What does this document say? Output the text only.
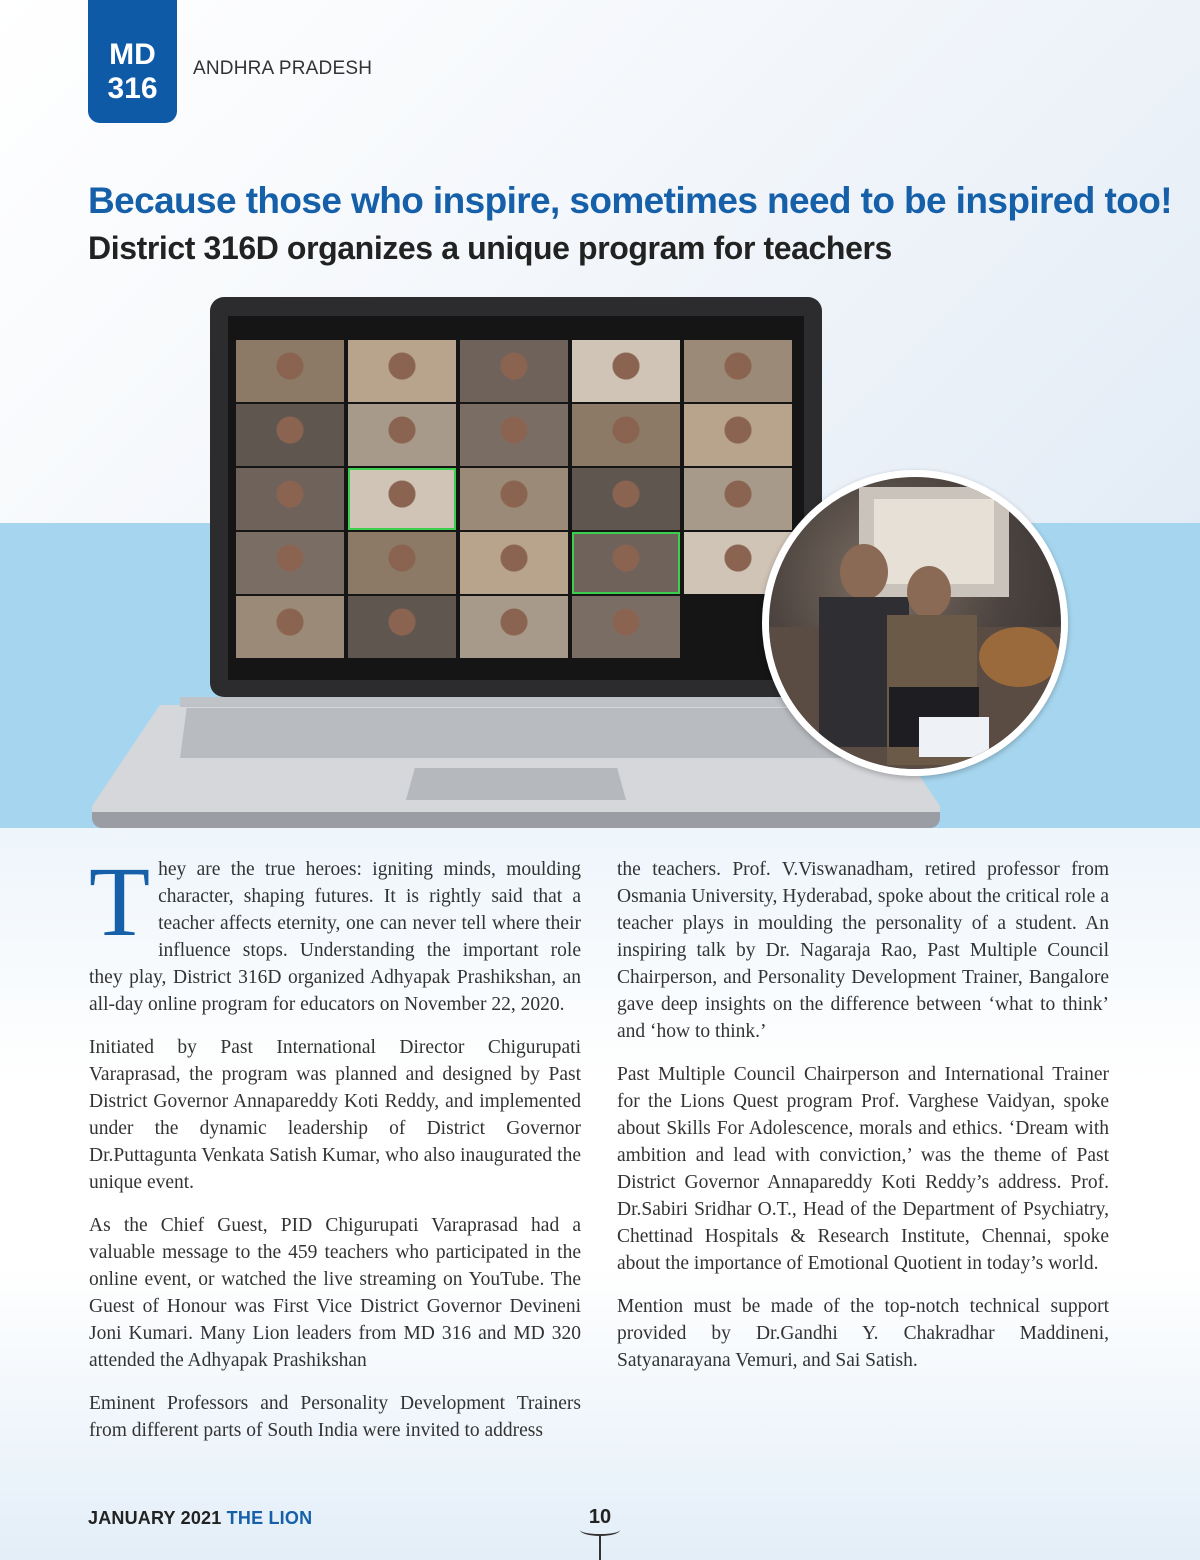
MD
316
ANDHRA PRADESH
Because those who inspire, sometimes need to be inspired too!
District 316D organizes a unique program for teachers

They are the true heroes: igniting minds, moulding character, shaping futures. It is rightly said that a teacher affects eternity, one can never tell where their influence stops. Understanding the important role they play, District 316D organized Adhyapak Prashikshan, an all-day online program for educators on November 22, 2020.

Initiated by Past International Director Chigurupati Varaprasad, the program was planned and designed by Past District Governor Annapareddy Koti Reddy, and implemented under the dynamic leadership of District Governor Dr.Puttagunta Venkata Satish Kumar, who also inaugurated the unique event.

As the Chief Guest, PID Chigurupati Varaprasad had a valuable message to the 459 teachers who participated in the online event, or watched the live streaming on YouTube. The Guest of Honour was First Vice District Governor Devineni Joni Kumari. Many Lion leaders from MD 316 and MD 320 attended the Adhyapak Prashikshan

Eminent Professors and Personality Development Trainers from different parts of South India were invited to address

the teachers. Prof. V.Viswanadham, retired professor from Osmania University, Hyderabad, spoke about the critical role a teacher plays in moulding the personality of a student. An inspiring talk by Dr. Nagaraja Rao, Past Multiple Council Chairperson, and Personality Development Trainer, Bangalore gave deep insights on the difference between ‘what to think’ and ‘how to think.’

Past Multiple Council Chairperson and International Trainer for the Lions Quest program Prof. Varghese Vaidyan, spoke about Skills For Adolescence, morals and ethics. ‘Dream with ambition and lead with conviction,’ was the theme of Past District Governor Annapareddy Koti Reddy’s address. Prof. Dr.Sabiri Sridhar O.T., Head of the Department of Psychiatry, Chettinad Hospitals & Research Institute, Chennai, spoke about the importance of Emotional Quotient in today’s world.

Mention must be made of the top-notch technical support provided by Dr.Gandhi Y. Chakradhar Maddineni, Satyanarayana Vemuri, and Sai Satish.

JANUARY 2021 THE LION	10
